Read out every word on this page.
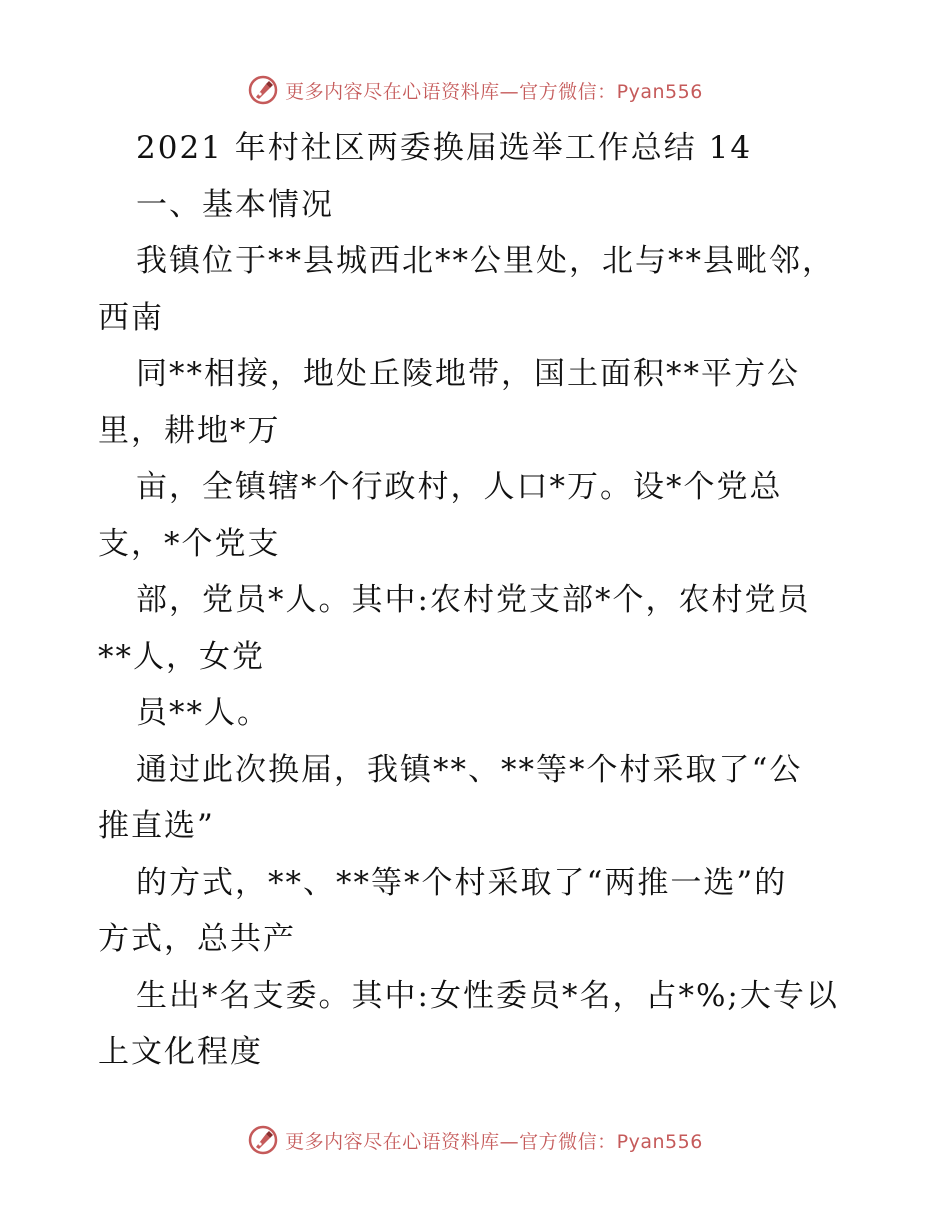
更多内容尽在心语资料库—官方微信：Pyan556
2021 年村社区两委换届选举工作总结 14
一、基本情况
我镇位于**县城西北**公里处，北与**县毗邻，
西南
同**相接，地处丘陵地带，国土面积**平方公
里，耕地*万
亩，全镇辖*个行政村，人口*万。设*个党总
支，*个党支
部，党员*人。其中:农村党支部*个，农村党员
**人，女党
员**人。
通过此次换届，我镇**、**等*个村采取了“公
推直选”
的方式，**、**等*个村采取了“两推一选”的
方式，总共产
生出*名支委。其中:女性委员*名，占*%;大专以
上文化程度
更多内容尽在心语资料库—官方微信：Pyan556
